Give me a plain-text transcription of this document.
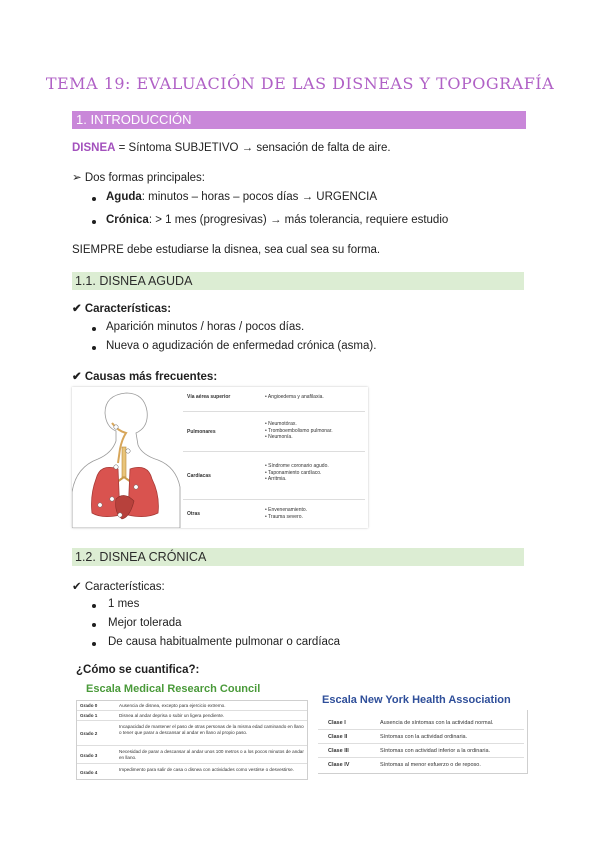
TEMA 19: EVALUACIÓN DE LAS DISNEAS Y TOPOGRAFÍA
1. INTRODUCCIÓN
DISNEA = Síntoma SUBJETIVO → sensación de falta de aire.
➢ Dos formas principales:
Aguda: minutos – horas – pocos días → URGENCIA
Crónica: > 1 mes (progresivas) → más tolerancia, requiere estudio
SIEMPRE debe estudiarse la disnea, sea cual sea su forma.
1.1. DISNEA AGUDA
✔ Características:
Aparición minutos / horas / pocos días.
Nueva o agudización de enfermedad crónica (asma).
✔ Causas más frecuentes:
Vía aérea superior	• Angioedema y anafilaxia.
Pulmonares
• Neumotórax.
• Tromboembolismo pulmonar.
• Neumonía.
Cardíacas
• Síndrome coronario agudo.
• Taponamiento cardíaco.
• Arritmia.
Otras
• Envenenamiento.
• Trauma severo.
1.2. DISNEA CRÓNICA
✔ Características:
1 mes
Mejor tolerada
De causa habitualmente pulmonar o cardíaca
¿Cómo se cuantifica?:
Escala Medical Research Council
Grado 0	Ausencia de disnea, excepto para ejercicio extremo.
Grado 1	Disnea al andar deprisa o subir un ligera pendiente.
Grado 2
Incapacidad de mantener el paso de otras personas de la misma edad caminando en llano o tener que parar a descansar al andar en llano al propio paso.
Grado 3
Necesidad de parar a descansar al andar unos 100 metros o a los pocos minutos de andar en llano.
Grado 4
Impedimento para salir de casa o disnea con actividades como vestirse o desvestirse.
Escala New York Health Association
Clase I	Ausencia de síntomas con la actividad normal.
Clase II	Síntomas con la actividad ordinaria.
Clase III	Síntomas con actividad inferior a la ordinaria.
Clase IV	Síntomas al menor esfuerzo o de reposo.
